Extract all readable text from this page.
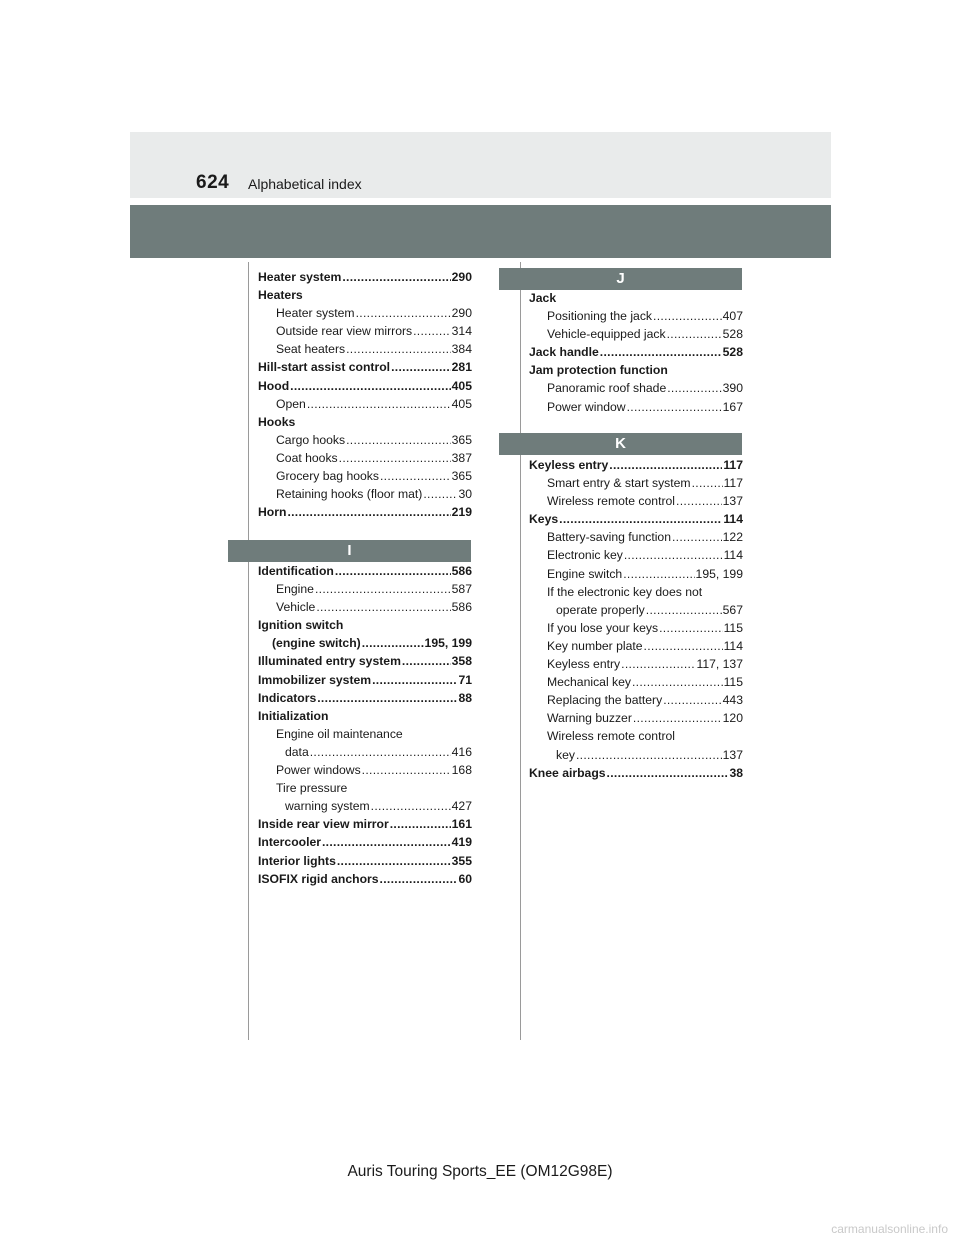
624 Alphabetical index
Heater system .....	290
Heaters
Heater system .....	290
Outside rear view mirrors .....	314
Seat heaters .....	384
Hill-start assist control .....	281
Hood .....	405
Open .....	405
Hooks
Cargo hooks .....	365
Coat hooks .....	387
Grocery bag hooks .....	365
Retaining hooks (floor mat) .....	30
Horn .....	219
I
Identification .....	586
Engine .....	587
Vehicle .....	586
Ignition switch
(engine switch) .....	195, 199
Illuminated entry system .....	358
Immobilizer system .....	71
Indicators .....	88
Initialization
Engine oil maintenance
data .....	416
Power windows .....	168
Tire pressure
warning system .....	427
Inside rear view mirror .....	161
Intercooler .....	419
Interior lights .....	355
ISOFIX rigid anchors .....	60
J
Jack
Positioning the jack .....	407
Vehicle-equipped jack .....	528
Jack handle .....	528
Jam protection function
Panoramic roof shade .....	390
Power window .....	167
K
Keyless entry .....	117
Smart entry & start system .....	117
Wireless remote control .....	137
Keys .....	114
Battery-saving function .....	122
Electronic key .....	114
Engine switch .....	195, 199
If the electronic key does not
operate properly .....	567
If you lose your keys .....	115
Key number plate .....	114
Keyless entry .....	117, 137
Mechanical key .....	115
Replacing the battery .....	443
Warning buzzer .....	120
Wireless remote control
key .....	137
Knee airbags .....	38
Auris Touring Sports_EE (OM12G98E)
carmanualsonline.info
